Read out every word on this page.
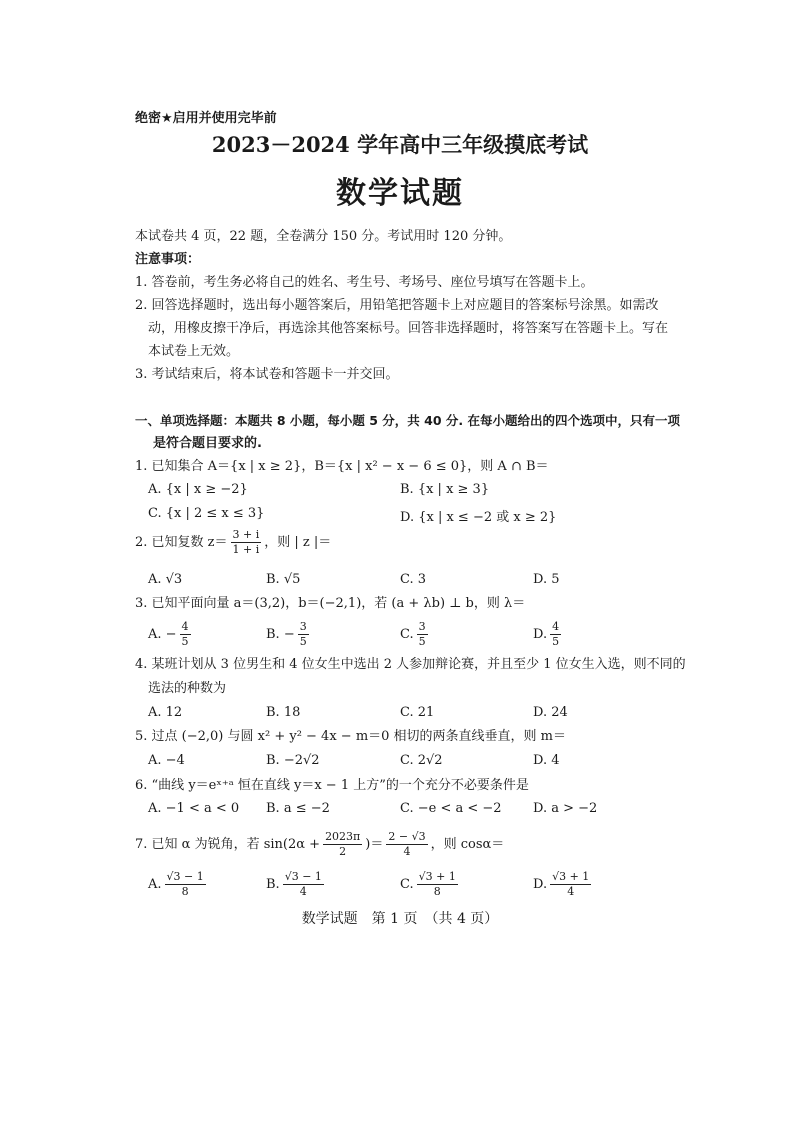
绝密★启用并使用完毕前
2023－2024 学年高中三年级摸底考试
数学试题
本试卷共 4 页，22 题，全卷满分 150 分。考试用时 120 分钟。
注意事项：
1. 答卷前，考生务必将自己的姓名、考生号、考场号、座位号填写在答题卡上。
2. 回答选择题时，选出每小题答案后，用铅笔把答题卡上对应题目的答案标号涂黑。如需改
动，用橡皮擦干净后，再选涂其他答案标号。回答非选择题时，将答案写在答题卡上。写在
本试卷上无效。
3. 考试结束后，将本试卷和答题卡一并交回。
一、单项选择题：本题共 8 小题，每小题 5 分，共 40 分. 在每小题给出的四个选项中，只有一项
是符合题目要求的.
1. 已知集合 A＝{x | x ≥ 2}，B＝{x | x² − x − 6 ≤ 0}，则 A ∩ B＝
A. {x | x ≥ −2}	B. {x | x ≥ 3}
C. {x | 2 ≤ x ≤ 3}	D. {x | x ≤ −2 或 x ≥ 2}
2. 已知复数 $z= \frac{3 + i}{1 + i}$ ，则 | z |＝
A. √3	B. √5	C. 3	D. 5
3. 已知平面向量 a＝(3,2)，b＝(−2,1)，若 (a + λb) ⊥ b，则 λ＝
A. − $\frac{4}{5}$	B. − $\frac{3}{5}$	C. $\frac{3}{5}$	D. $\frac{4}{5}$
4. 某班计划从 3 位男生和 4 位女生中选出 2 人参加辩论赛，并且至少 1 位女生入选，则不同的
选法的种数为
A. 12	B. 18	C. 21	D. 24
5. 过点 (−2,0) 与圆 x² + y² − 4x − m＝0 相切的两条直线垂直，则 m＝
A. −4	B. −2√2	C. 2√2	D. 4
6. “曲线 y＝eˣ⁺ᵃ 恒在直线 y＝x − 1 上方”的一个充分不必要条件是
A. −1 < a < 0 B. a ≤ −2	C. −e < a < −2 D. a > −2
7. 已知 α 为锐角，若 $\sin(2\alpha + \frac{2023\pi}{2}$ )＝ $\frac{2 - √3}{4}$ ，则 cosα＝
A. $\frac{√3 - 1}{8}$	B. $\frac{√3 - 1}{4}$	C. $\frac{√3 + 1}{8}$	D. $\frac{√3 + 1}{4}$
数学试题　第 1 页　（共 4 页）
